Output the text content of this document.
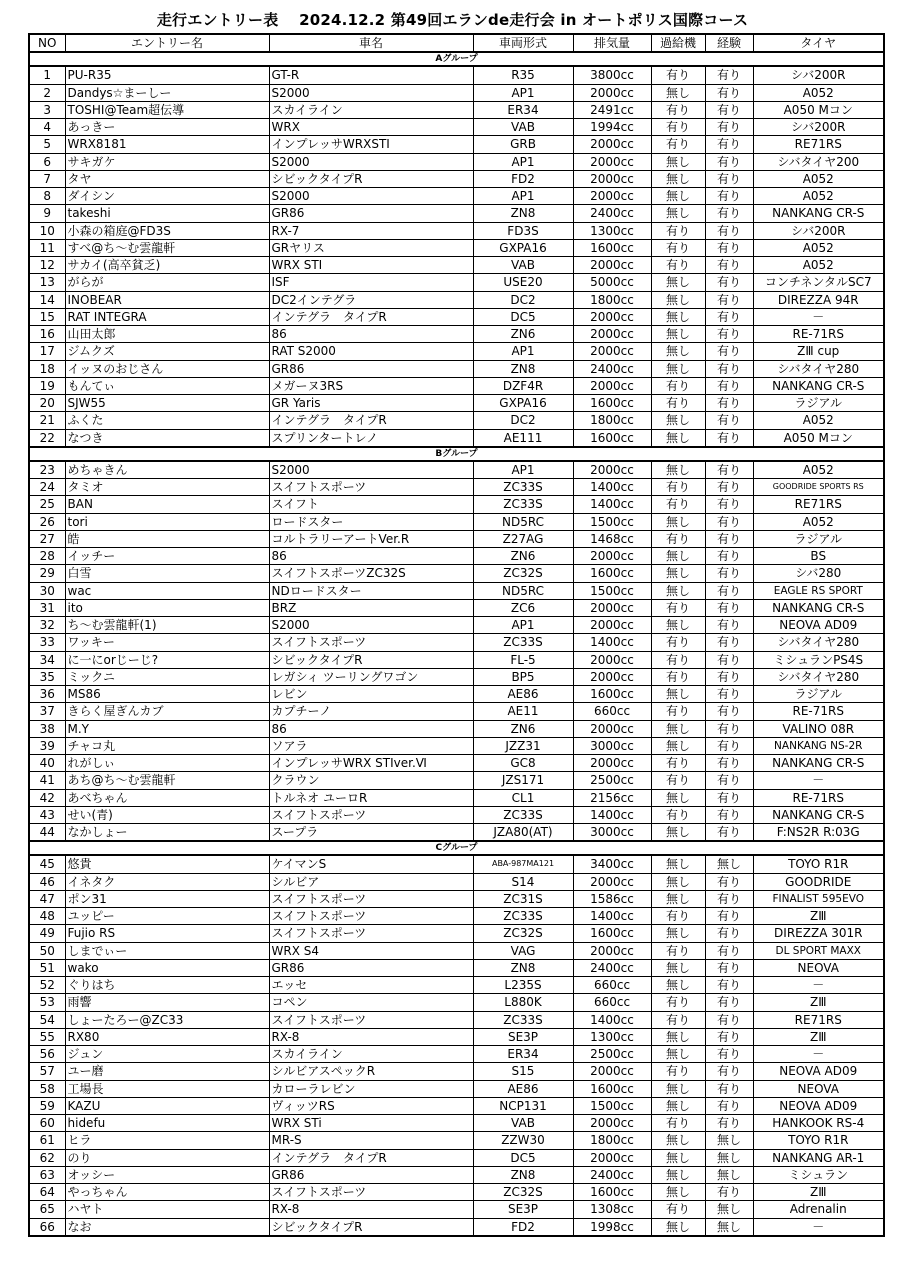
走行エントリー表 　2024.12.2 第49回エランde走行会 in オートポリス国際コース
NO	エントリー名	車名	車両形式	排気量	過給機	経験	タイヤ
Aグループ							
1	PU-R35	GT-R	R35	3800cc	有り	有り	シバ200R
2	Dandys☆まーしー	S2000	AP1	2000cc	無し	有り	A052
3	TOSHI@Team超伝導	スカイライン	ER34	2491cc	有り	有り	A050 Mコン
4	あっきー	WRX	VAB	1994cc	有り	有り	シバ200R
5	WRX8181	インプレッサWRXSTI	GRB	2000cc	有り	有り	RE71RS
6	サキガケ	S2000	AP1	2000cc	無し	有り	シバタイヤ200
7	タヤ	シビックタイプR	FD2	2000cc	無し	有り	A052
8	ダイシン	S2000	AP1	2000cc	無し	有り	A052
9	takeshi	GR86	ZN8	2400cc	無し	有り	NANKANG CR-S
10	小森の箱庭@FD3S	RX-7	FD3S	1300cc	有り	有り	シバ200R
11	すべ@ち～む雲龍軒	GRヤリス	GXPA16	1600cc	有り	有り	A052
12	サカイ(高卒貧乏)	WRX STI	VAB	2000cc	有り	有り	A052
13	がらが	ISF	USE20	5000cc	無し	有り	コンチネンタルSC7
14	INOBEAR	DC2インテグラ	DC2	1800cc	無し	有り	DIREZZA 94R
15	RAT INTEGRA	インテグラ　タイプR	DC5	2000cc	無し	有り	－
16	山田太郎	86	ZN6	2000cc	無し	有り	RE-71RS
17	ジムクズ	RAT S2000	AP1	2000cc	無し	有り	ZⅢ cup
18	イッヌのおじさん	GR86	ZN8	2400cc	無し	有り	シバタイヤ280
19	もんてぃ	メガーヌ3RS	DZF4R	2000cc	有り	有り	NANKANG CR-S
20	SJW55	GR Yaris	GXPA16	1600cc	有り	有り	ラジアル
21	ふくた	インテグラ　タイプR	DC2	1800cc	無し	有り	A052
22	なつき	スプリンタートレノ	AE111	1600cc	無し	有り	A050 Mコン
Bグループ							
23	めちゃきん	S2000	AP1	2000cc	無し	有り	A052
24	タミオ	スイフトスポーツ	ZC33S	1400cc	有り	有り	GOODRIDE SPORTS RS
25	BAN	スイフト	ZC33S	1400cc	有り	有り	RE71RS
26	tori	ロードスター	ND5RC	1500cc	無し	有り	A052
27	皓	コルトラリーアートVer.R	Z27AG	1468cc	有り	有り	ラジアル
28	イッチー	86	ZN6	2000cc	無し	有り	BS
29	白雪	スイフトスポーツZC32S	ZC32S	1600cc	無し	有り	シバ280
30	wac	NDロードスター	ND5RC	1500cc	無し	有り	EAGLE RS SPORT
31	ito	BRZ	ZC6	2000cc	有り	有り	NANKANG CR-S
32	ち～む雲龍軒(1)	S2000	AP1	2000cc	無し	有り	NEOVA AD09
33	ワッキー	スイフトスポーツ	ZC33S	1400cc	有り	有り	シバタイヤ280
34	に一にorじーじ?	シビックタイプR	FL-5	2000cc	有り	有り	ミシュランPS4S
35	ミックニ	レガシィ ツーリングワゴン	BP5	2000cc	有り	有り	シバタイヤ280
36	MS86	レビン	AE86	1600cc	無し	有り	ラジアル
37	きらく屋ぎんカブ	カプチーノ	AE11	660cc	有り	有り	RE-71RS
38	M.Y	86	ZN6	2000cc	無し	有り	VALINO 08R
39	チャコ丸	ソアラ	JZZ31	3000cc	無し	有り	NANKANG NS-2R
40	れがしぃ	インプレッサWRX STIver.Ⅵ	GC8	2000cc	有り	有り	NANKANG CR-S
41	あち@ち～む雲龍軒	クラウン	JZS171	2500cc	有り	有り	－
42	あべちゃん	トルネオ ユーロR	CL1	2156cc	無し	有り	RE-71RS
43	せい(青)	スイフトスポーツ	ZC33S	1400cc	有り	有り	NANKANG CR-S
44	なかしょー	スープラ	JZA80(AT)	3000cc	無し	有り	F:NS2R R:03G
Cグループ							
45	悠貴	ケイマンS	ABA-987MA121	3400cc	無し	無し	TOYO R1R
46	イネタク	シルビア	S14	2000cc	無し	有り	GOODRIDE
47	ポン31	スイフトスポーツ	ZC31S	1586cc	無し	有り	FINALIST 595EVO
48	ユッピー	スイフトスポーツ	ZC33S	1400cc	有り	有り	ZⅢ
49	Fujio RS	スイフトスポーツ	ZC32S	1600cc	無し	有り	DIREZZA 301R
50	しまでぃー	WRX S4	VAG	2000cc	有り	有り	DL SPORT MAXX
51	wako	GR86	ZN8	2400cc	無し	有り	NEOVA
52	ぐりはち	エッセ	L235S	660cc	無し	有り	－
53	雨響	コペン	L880K	660cc	有り	有り	ZⅢ
54	しょーたろー@ZC33	スイフトスポーツ	ZC33S	1400cc	有り	有り	RE71RS
55	RX80	RX-8	SE3P	1300cc	無し	有り	ZⅢ
56	ジュン	スカイライン	ER34	2500cc	無し	有り	－
57	ユー磨	シルビアスペックR	S15	2000cc	有り	有り	NEOVA AD09
58	工場長	カローラレビン	AE86	1600cc	無し	有り	NEOVA
59	KAZU	ヴィッツRS	NCP131	1500cc	無し	有り	NEOVA AD09
60	hidefu	WRX STi	VAB	2000cc	有り	有り	HANKOOK RS-4
61	ヒラ	MR-S	ZZW30	1800cc	無し	無し	TOYO R1R
62	のり	インテグラ　タイプR	DC5	2000cc	無し	無し	NANKANG AR-1
63	オッシー	GR86	ZN8	2400cc	無し	無し	ミシュラン
64	やっちゃん	スイフトスポーツ	ZC32S	1600cc	無し	有り	ZⅢ
65	ハヤト	RX-8	SE3P	1308cc	有り	無し	Adrenalin
66	なお	シビックタイプR	FD2	1998cc	無し	無し	－
